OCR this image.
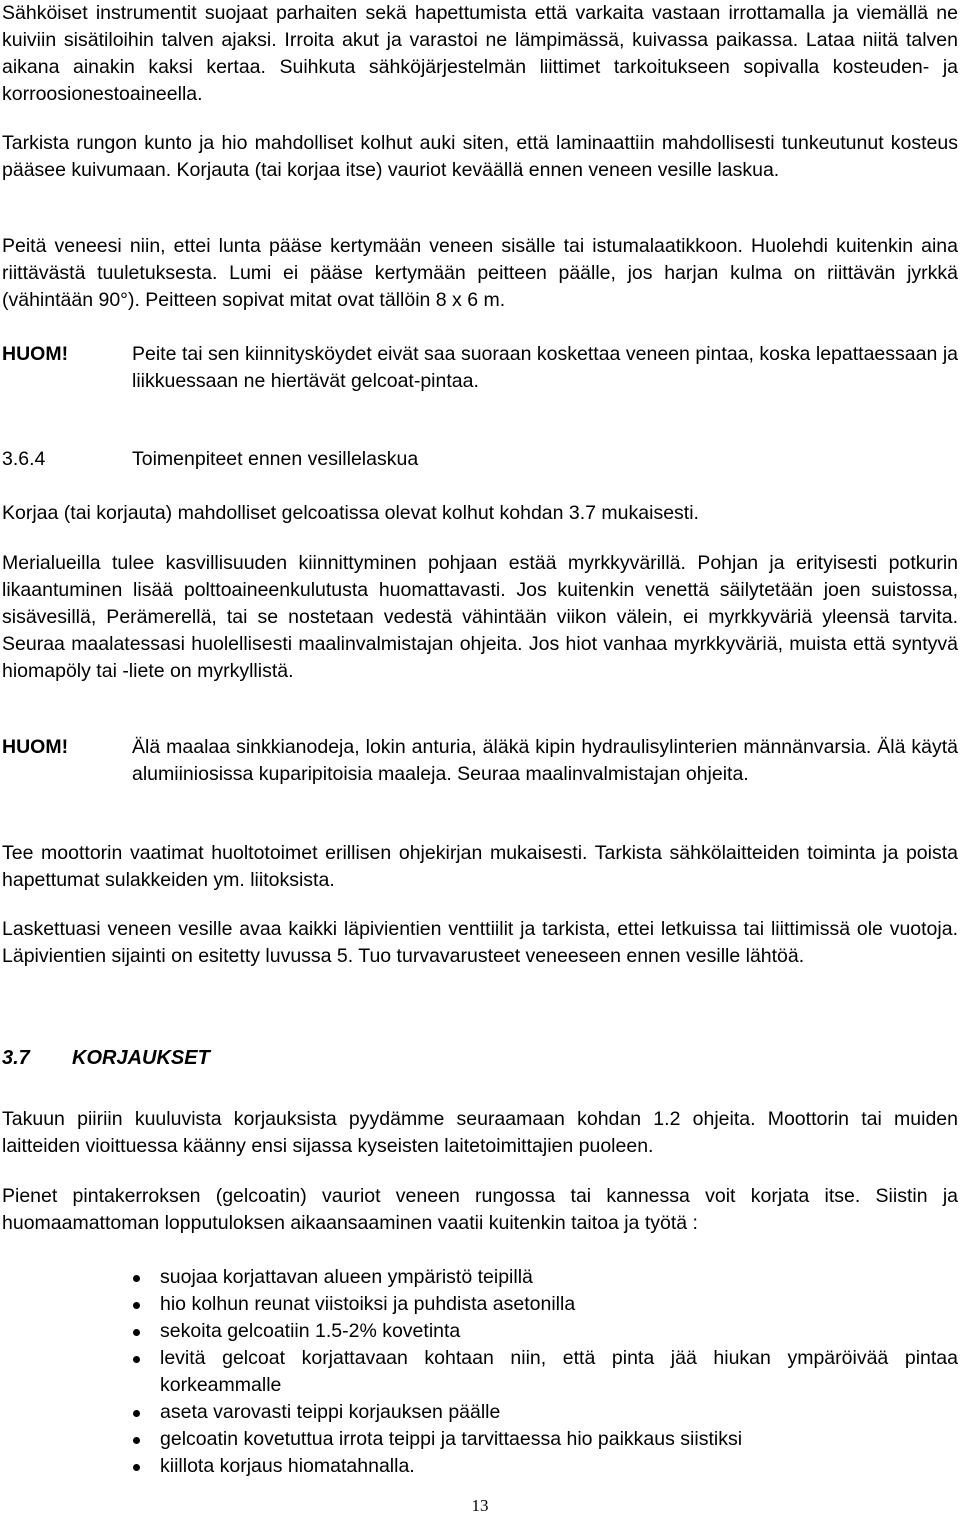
Sähköiset instrumentit suojaat parhaiten sekä hapettumista että varkaita vastaan irrottamalla ja viemällä ne kuiviin sisätiloihin talven ajaksi. Irroita akut ja varastoi ne lämpimässä, kuivassa paikassa. Lataa niitä talven aikana ainakin kaksi kertaa. Suihkuta sähköjärjestelmän liittimet tarkoitukseen sopivalla kosteuden- ja korroosionestoaineella.

Tarkista rungon kunto ja hio mahdolliset kolhut auki siten, että laminaattiin mahdollisesti tunkeutunut kosteus pääsee kuivumaan. Korjauta (tai korjaa itse) vauriot keväällä ennen veneen vesille laskua.

Peitä veneesi niin, ettei lunta pääse kertymään veneen sisälle tai istumalaatikkoon. Huolehdi kuitenkin aina riittävästä tuuletuksesta. Lumi ei pääse kertymään peitteen päälle, jos harjan kulma on riittävän jyrkkä (vähintään 90°). Peitteen sopivat mitat ovat tällöin 8 x 6 m.

HUOM!	Peite tai sen kiinnitysköydet eivät saa suoraan koskettaa veneen pintaa, koska lepattaessaan ja liikkuessaan ne hiertävät gelcoat-pintaa.
3.6.4	Toimenpiteet ennen vesillelaskua

Korjaa (tai korjauta) mahdolliset gelcoatissa olevat kolhut kohdan 3.7 mukaisesti.

Merialueilla tulee kasvillisuuden kiinnittyminen pohjaan estää myrkkyvärillä. Pohjan ja erityisesti potkurin likaantuminen lisää polttoaineenkulutusta huomattavasti. Jos kuitenkin venettä säilytetään joen suistossa, sisävesillä, Perämerellä, tai se nostetaan vedestä vähintään viikon välein, ei myrkkyväriä yleensä tarvita. Seuraa maalatessasi huolellisesti maalinvalmistajan ohjeita. Jos hiot vanhaa myrkkyväriä, muista että syntyvä hiomapöly tai -liete on myrkyllistä.

HUOM!	Älä maalaa sinkkianodeja, lokin anturia, äläkä kipin hydraulisylinterien männänvarsia. Älä käytä alumiiniosissa kuparipitoisia maaleja. Seuraa maalinvalmistajan ohjeita.

Tee moottorin vaatimat huoltotoimet erillisen ohjekirjan mukaisesti. Tarkista sähkölaitteiden toiminta ja poista hapettumat sulakkeiden ym. liitoksista.

Laskettuasi veneen vesille avaa kaikki läpivientien venttiilit ja tarkista, ettei letkuissa tai liittimissä ole vuotoja. Läpivientien sijainti on esitetty luvussa 5. Tuo turvavarusteet veneeseen ennen vesille lähtöä.

3.7 KORJAUKSET

Takuun piiriin kuuluvista korjauksista pyydämme seuraamaan kohdan 1.2 ohjeita. Moottorin tai muiden laitteiden vioittuessa käänny ensi sijassa kyseisten laitetoimittajien puoleen.

Pienet pintakerroksen (gelcoatin) vauriot veneen rungossa tai kannessa voit korjata itse. Siistin ja huomaamattoman lopputuloksen aikaansaaminen vaatii kuitenkin taitoa ja työtä :

suojaa korjattavan alueen ympäristö teipillä
hio kolhun reunat viistoiksi ja puhdista asetonilla
sekoita gelcoatiin 1.5-2% kovetinta
levitä gelcoat korjattavaan kohtaan niin, että pinta jää hiukan ympäröivää pintaa korkeammalle
aseta varovasti teippi korjauksen päälle
gelcoatin kovetuttua irrota teippi ja tarvittaessa hio paikkaus siistiksi
kiillota korjaus hiomatahnalla.
13
